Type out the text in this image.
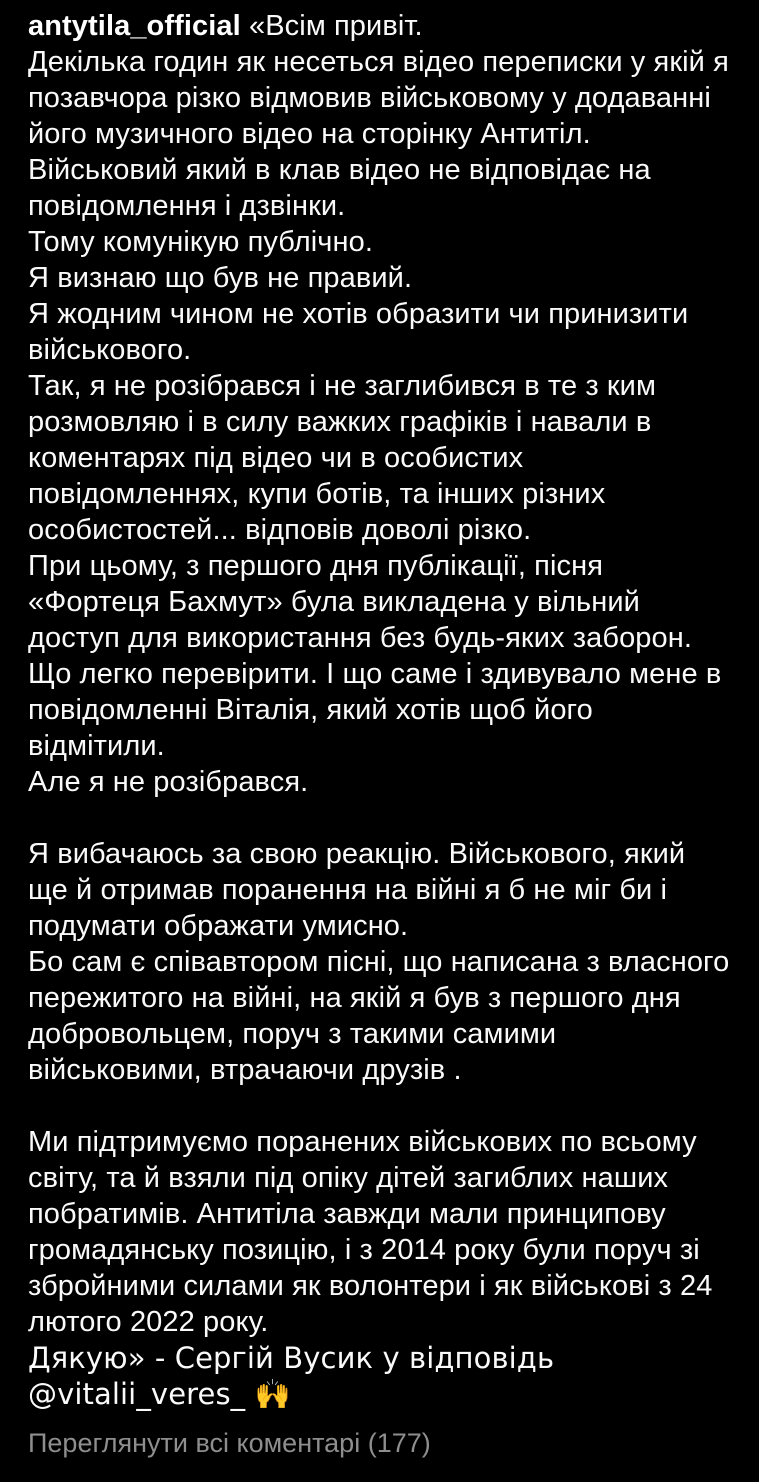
antytila_official «Всім привіт.
Декілька годин як несеться відео переписки у якій я позавчора різко відмовив військовому у додаванні його музичного відео на сторінку Антитіл.
Військовий який в клав відео не відповідає на повідомлення і дзвінки.
Тому комунікую публічно.
Я визнаю що був не правий.
Я жодним чином не хотів образити чи принизити військового.
Так, я не розібрався і не заглибився в те з ким розмовляю і в силу важких графіків і навали в коментарях під відео чи в особистих повідомленнях, купи ботів, та інших різних особистостей... відповів доволі різко.
При цьому, з першого дня публікації, пісня «Фортеця Бахмут» була викладена у вільний доступ для використання без будь-яких заборон. Що легко перевірити. І що саме і здивувало мене в повідомленні Віталія, який хотів щоб його відмітили.
Але я не розібрався.
Я вибачаюсь за свою реакцію. Військового, який ще й отримав поранення на війні я б не міг би і подумати ображати умисно.
Бо сам є співавтором пісні, що написана з власного пережитого на війні, на якій я був з першого дня добровольцем, поруч з такими самими військовими, втрачаючи друзів .
Ми підтримуємо поранених військових по всьому світу, та й взяли під опіку дітей загиблих наших побратимів. Антитіла завжди мали принципову громадянську позицію, і з 2014 року були поруч зі збройними силами як волонтери і як військові з 24 лютого 2022 року.
Дякую» - Сергій Вусик у відповідь @vitalii_veres_ 🙌
Переглянути всі коментарі (177)
